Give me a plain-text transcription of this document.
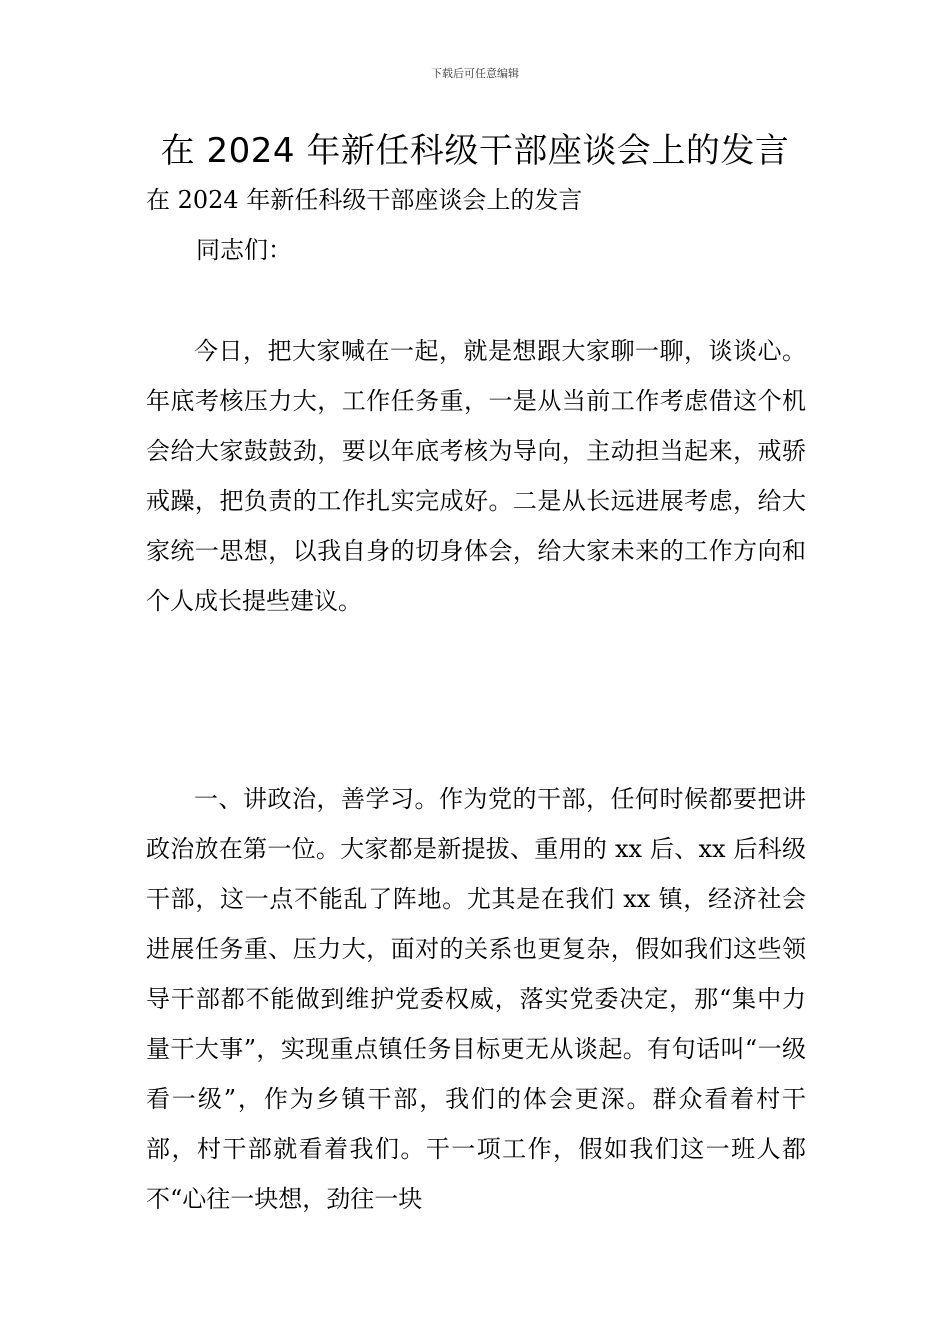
下载后可任意编辑
在 2024 年新任科级干部座谈会上的发言
在 2024 年新任科级干部座谈会上的发言
同志们：

今日，把大家喊在一起，就是想跟大家聊一聊，谈谈心。年底考核压力大，工作任务重，一是从当前工作考虑借这个机会给大家鼓鼓劲，要以年底考核为导向，主动担当起来，戒骄戒躁，把负责的工作扎实完成好。二是从长远进展考虑，给大家统一思想，以我自身的切身体会，给大家未来的工作方向和个人成长提些建议。

一、讲政治，善学习。作为党的干部，任何时候都要把讲政治放在第一位。大家都是新提拔、重用的 xx 后、xx 后科级干部，这一点不能乱了阵地。尤其是在我们 xx 镇，经济社会进展任务重、压力大，面对的关系也更复杂，假如我们这些领导干部都不能做到维护党委权威，落实党委决定，那“集中力量干大事”，实现重点镇任务目标更无从谈起。有句话叫“一级看一级”，作为乡镇干部，我们的体会更深。群众看着村干部，村干部就看着我们。干一项工作，假如我们这一班人都不“心往一块想，劲往一块
